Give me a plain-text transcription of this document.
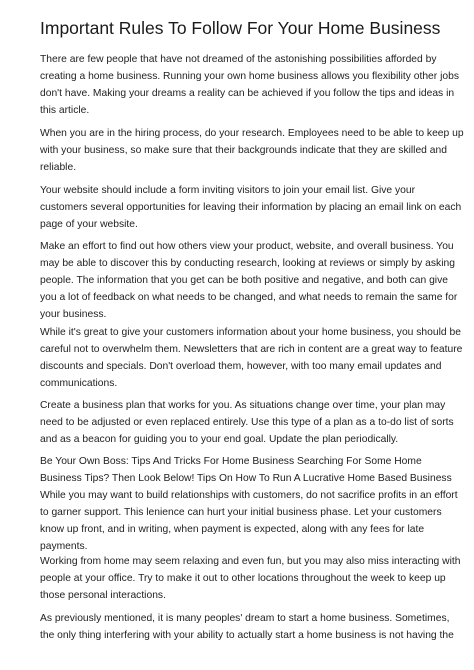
Important Rules To Follow For Your Home Business
There are few people that have not dreamed of the astonishing possibilities afforded by
creating a home business. Running your own home business allows you flexibility other jobs
don't have. Making your dreams a reality can be achieved if you follow the tips and ideas in
this article.
When you are in the hiring process, do your research. Employees need to be able to keep up
with your business, so make sure that their backgrounds indicate that they are skilled and
reliable.
Your website should include a form inviting visitors to join your email list. Give your
customers several opportunities for leaving their information by placing an email link on each
page of your website.
Make an effort to find out how others view your product, website, and overall business. You
may be able to discover this by conducting research, looking at reviews or simply by asking
people. The information that you get can be both positive and negative, and both can give
you a lot of feedback on what needs to be changed, and what needs to remain the same for
your business.
While it's great to give your customers information about your home business, you should be
careful not to overwhelm them. Newsletters that are rich in content are a great way to feature
discounts and specials. Don't overload them, however, with too many email updates and
communications.
Create a business plan that works for you. As situations change over time, your plan may
need to be adjusted or even replaced entirely. Use this type of a plan as a to-do list of sorts
and as a beacon for guiding you to your end goal. Update the plan periodically.
Be Your Own Boss: Tips And Tricks For Home Business Searching For Some Home
Business Tips? Then Look Below! Tips On How To Run A Lucrative Home Based Business
While you may want to build relationships with customers, do not sacrifice profits in an effort
to garner support. This lenience can hurt your initial business phase. Let your customers
know up front, and in writing, when payment is expected, along with any fees for late
payments.
Working from home may seem relaxing and even fun, but you may also miss interacting with
people at your office. Try to make it out to other locations throughout the week to keep up
those personal interactions.
As previously mentioned, it is many peoples' dream to start a home business. Sometimes,
the only thing interfering with your ability to actually start a home business is not having the
